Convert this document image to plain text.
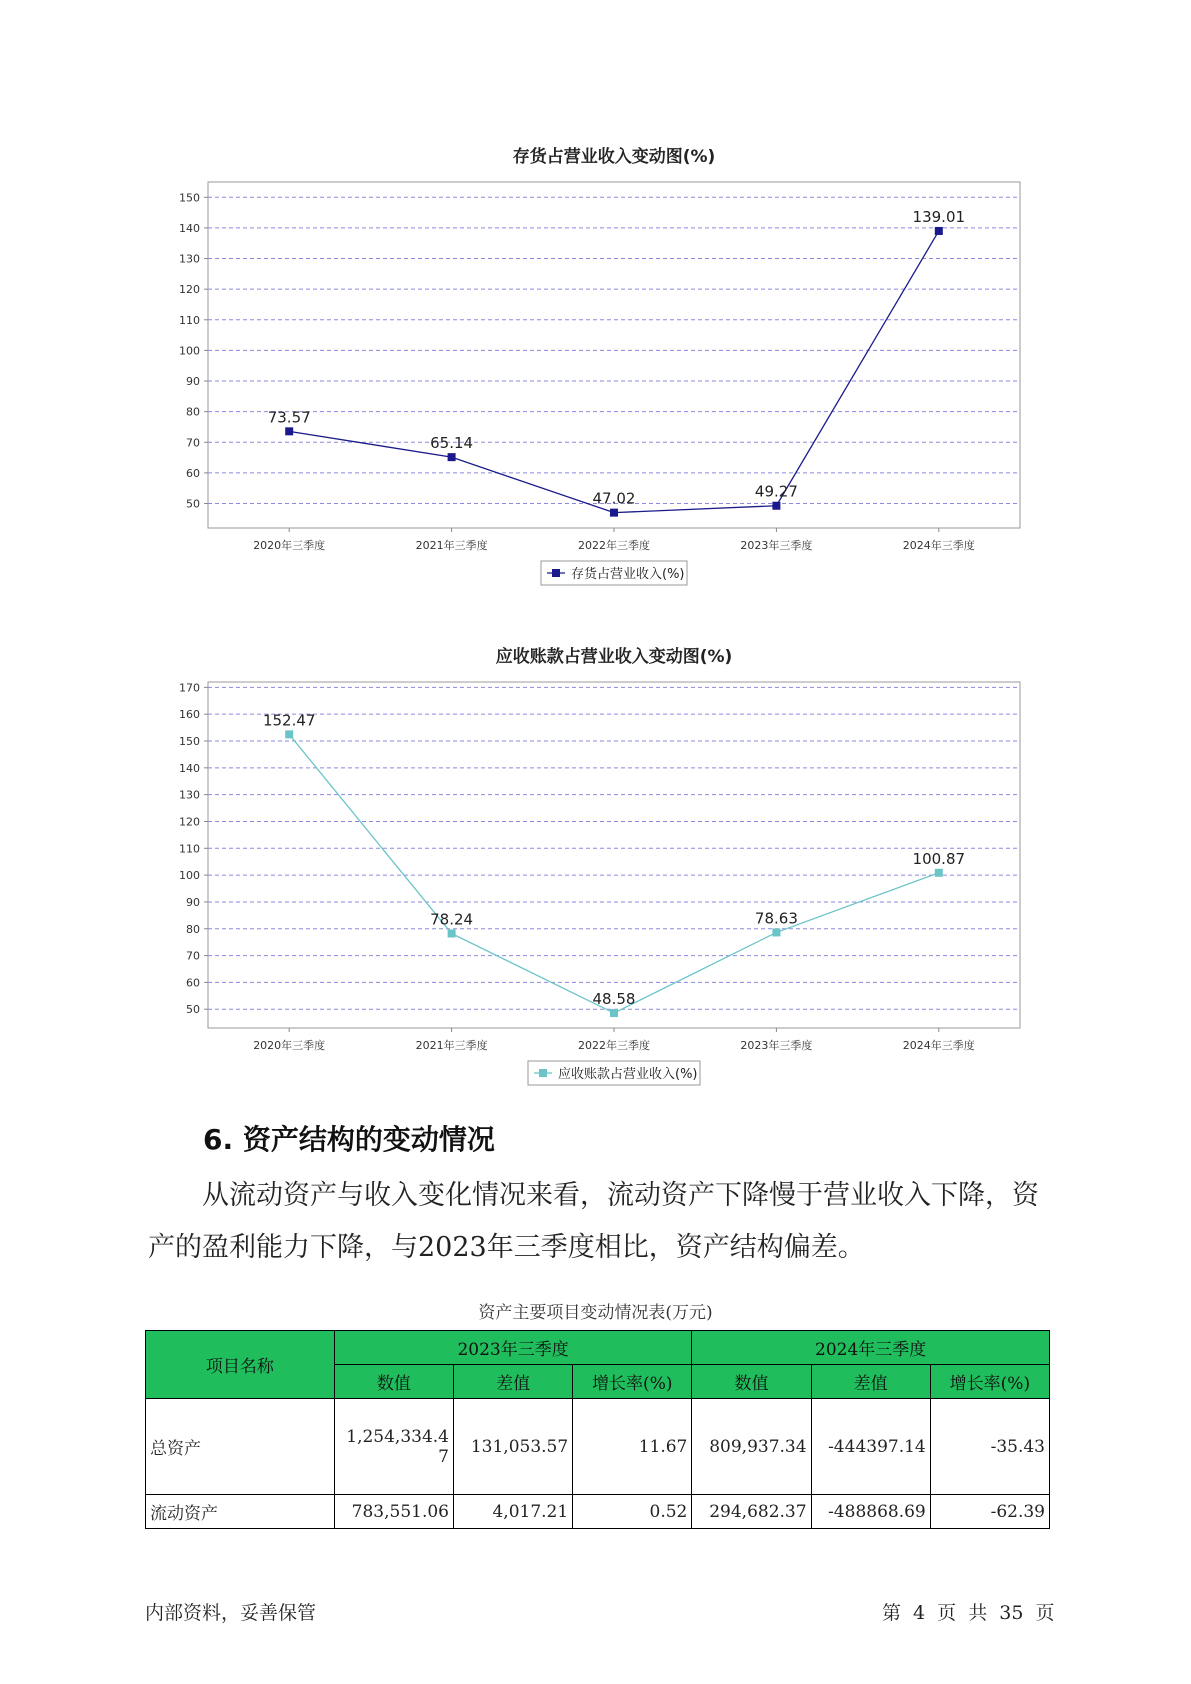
存货占营业收入变动图(%)
50
60
70
80
90
100
110
120
130
140
150
2020年三季度	2021年三季度	2022年三季度	2023年三季度	2024年三季度
73.57
65.14
47.02	49.27
139.01
存货占营业收入(%)
应收账款占营业收入变动图(%)
50
60
70
80
90
100
110
120
130
140
150
160
170
2020年三季度	2021年三季度	2022年三季度	2023年三季度	2024年三季度
152.47
78.24
48.58
78.63
100.87
应收账款占营业收入(%)
6. 资产结构的变动情况
从流动资产与收入变化情况来看，流动资产下降慢于营业收入下降，资产的盈利能力下降，与2023年三季度相比，资产结构偏差。
资产主要项目变动情况表(万元)
项目名称	2023年三季度			2024年三季度		
	数值	差值	增长率(%)	数值	差值	增长率(%)
总资产	1,254,334.47	131,053.57	11.67	809,937.34	-444397.14	-35.43
流动资产	783,551.06	4,017.21	0.52	294,682.37	-488868.69	-62.39
内部资料，妥善保管	第 4 页 共 35 页
